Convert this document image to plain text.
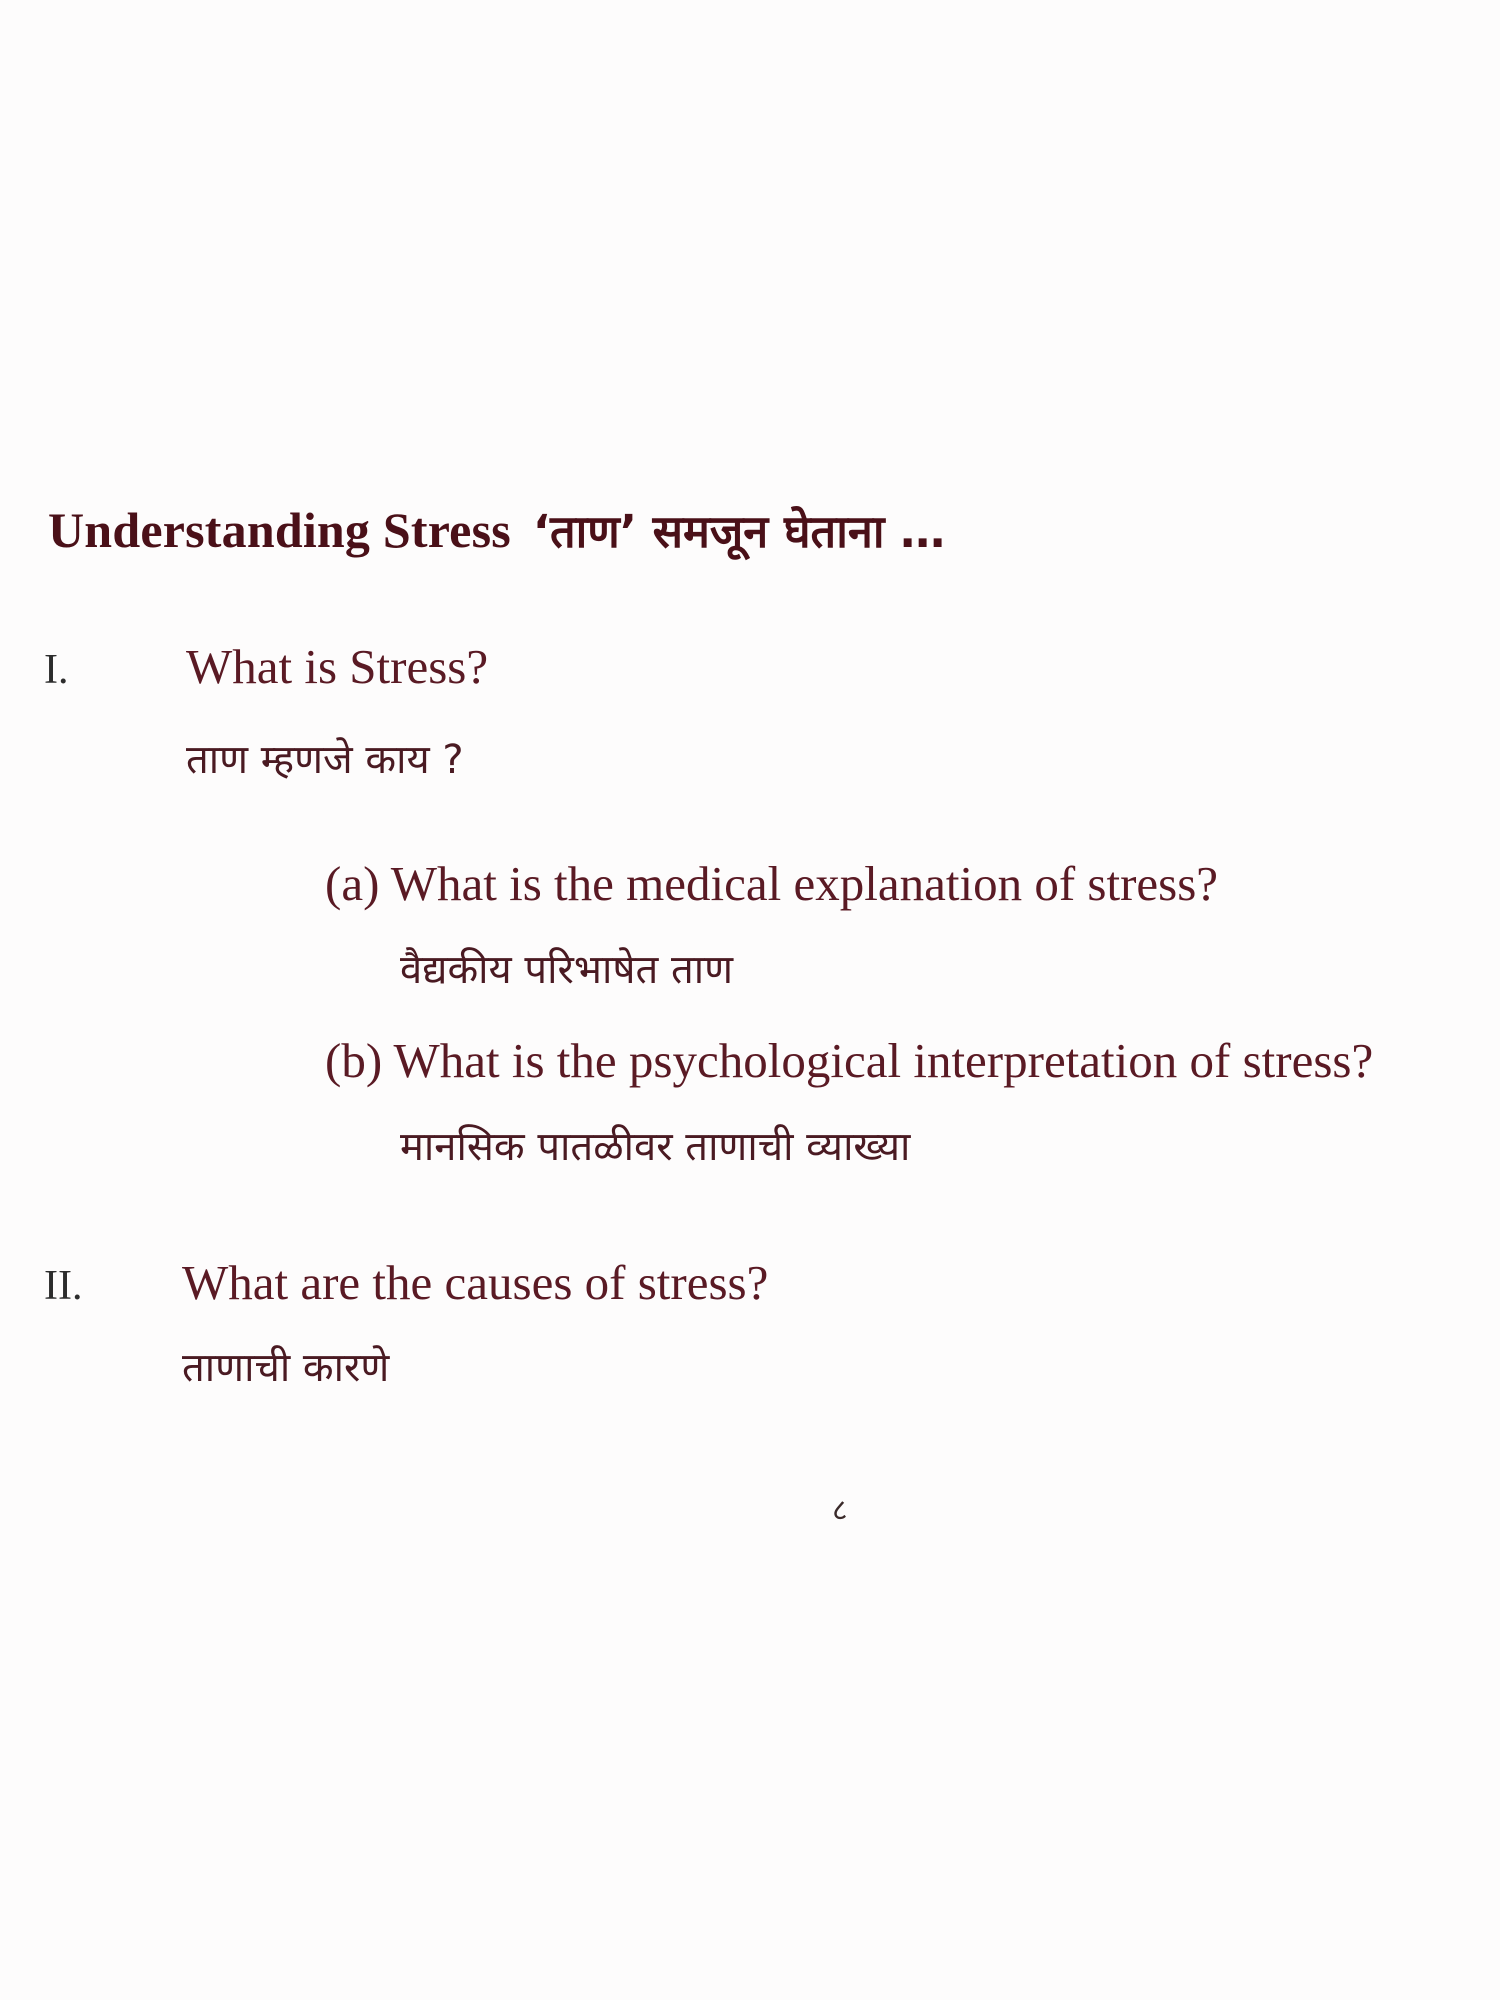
Understanding Stress ‘ताण’ समजून घेताना …
I. What is Stress?
ताण म्हणजे काय ?
(a) What is the medical explanation of stress?
वैद्यकीय परिभाषेत ताण
(b) What is the psychological interpretation of stress?
मानसिक पातळीवर ताणाची व्याख्या
II. What are the causes of stress?
ताणाची कारणे
८
